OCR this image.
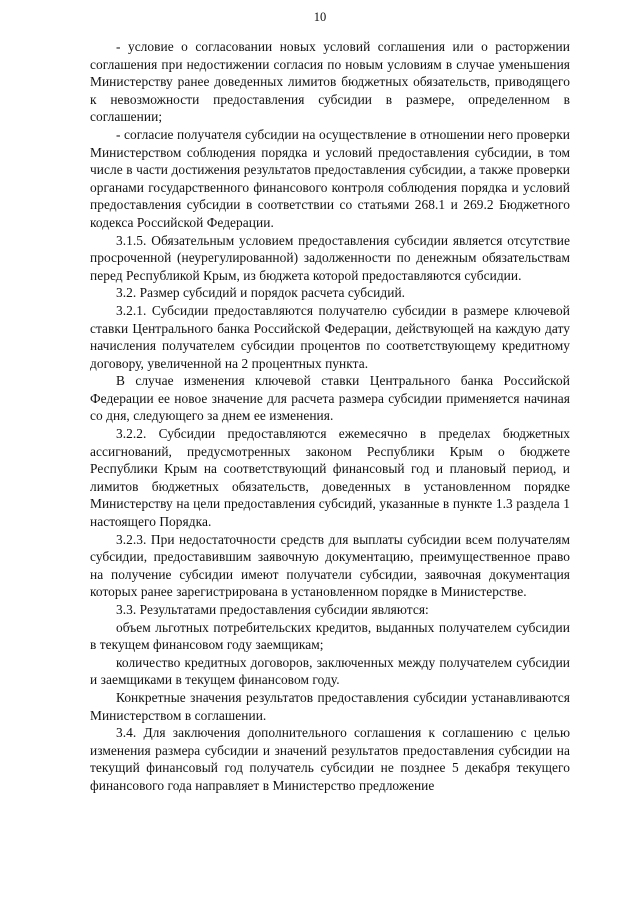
10

- условие о согласовании новых условий соглашения или о расторжении соглашения при недостижении согласия по новым условиям в случае уменьшения Министерству ранее доведенных лимитов бюджетных обязательств, приводящего к невозможности предоставления субсидии в размере, определенном в соглашении;

- согласие получателя субсидии на осуществление в отношении него проверки Министерством соблюдения порядка и условий предоставления субсидии, в том числе в части достижения результатов предоставления субсидии, а также проверки органами государственного финансового контроля соблюдения порядка и условий предоставления субсидии в соответствии со статьями 268.1 и 269.2 Бюджетного кодекса Российской Федерации.

3.1.5. Обязательным условием предоставления субсидии является отсутствие просроченной (неурегулированной) задолженности по денежным обязательствам перед Республикой Крым, из бюджета которой предоставляются субсидии.

3.2. Размер субсидий и порядок расчета субсидий.

3.2.1. Субсидии предоставляются получателю субсидии в размере ключевой ставки Центрального банка Российской Федерации, действующей на каждую дату начисления получателем субсидии процентов по соответствующему кредитному договору, увеличенной на 2 процентных пункта.

В случае изменения ключевой ставки Центрального банка Российской Федерации ее новое значение для расчета размера субсидии применяется начиная со дня, следующего за днем ее изменения.

3.2.2. Субсидии предоставляются ежемесячно в пределах бюджетных ассигнований, предусмотренных законом Республики Крым о бюджете Республики Крым на соответствующий финансовый год и плановый период, и лимитов бюджетных обязательств, доведенных в установленном порядке Министерству на цели предоставления субсидий, указанные в пункте 1.3 раздела 1 настоящего Порядка.

3.2.3. При недостаточности средств для выплаты субсидии всем получателям субсидии, предоставившим заявочную документацию, преимущественное право на получение субсидии имеют получатели субсидии, заявочная документация которых ранее зарегистрирована в установленном порядке в Министерстве.

3.3. Результатами предоставления субсидии являются:

объем льготных потребительских кредитов, выданных получателем субсидии в текущем финансовом году заемщикам;

количество кредитных договоров, заключенных между получателем субсидии и заемщиками в текущем финансовом году.

Конкретные значения результатов предоставления субсидии устанавливаются Министерством в соглашении.

3.4. Для заключения дополнительного соглашения к соглашению с целью изменения размера субсидии и значений результатов предоставления субсидии на текущий финансовый год получатель субсидии не позднее 5 декабря текущего финансового года направляет в Министерство предложение
